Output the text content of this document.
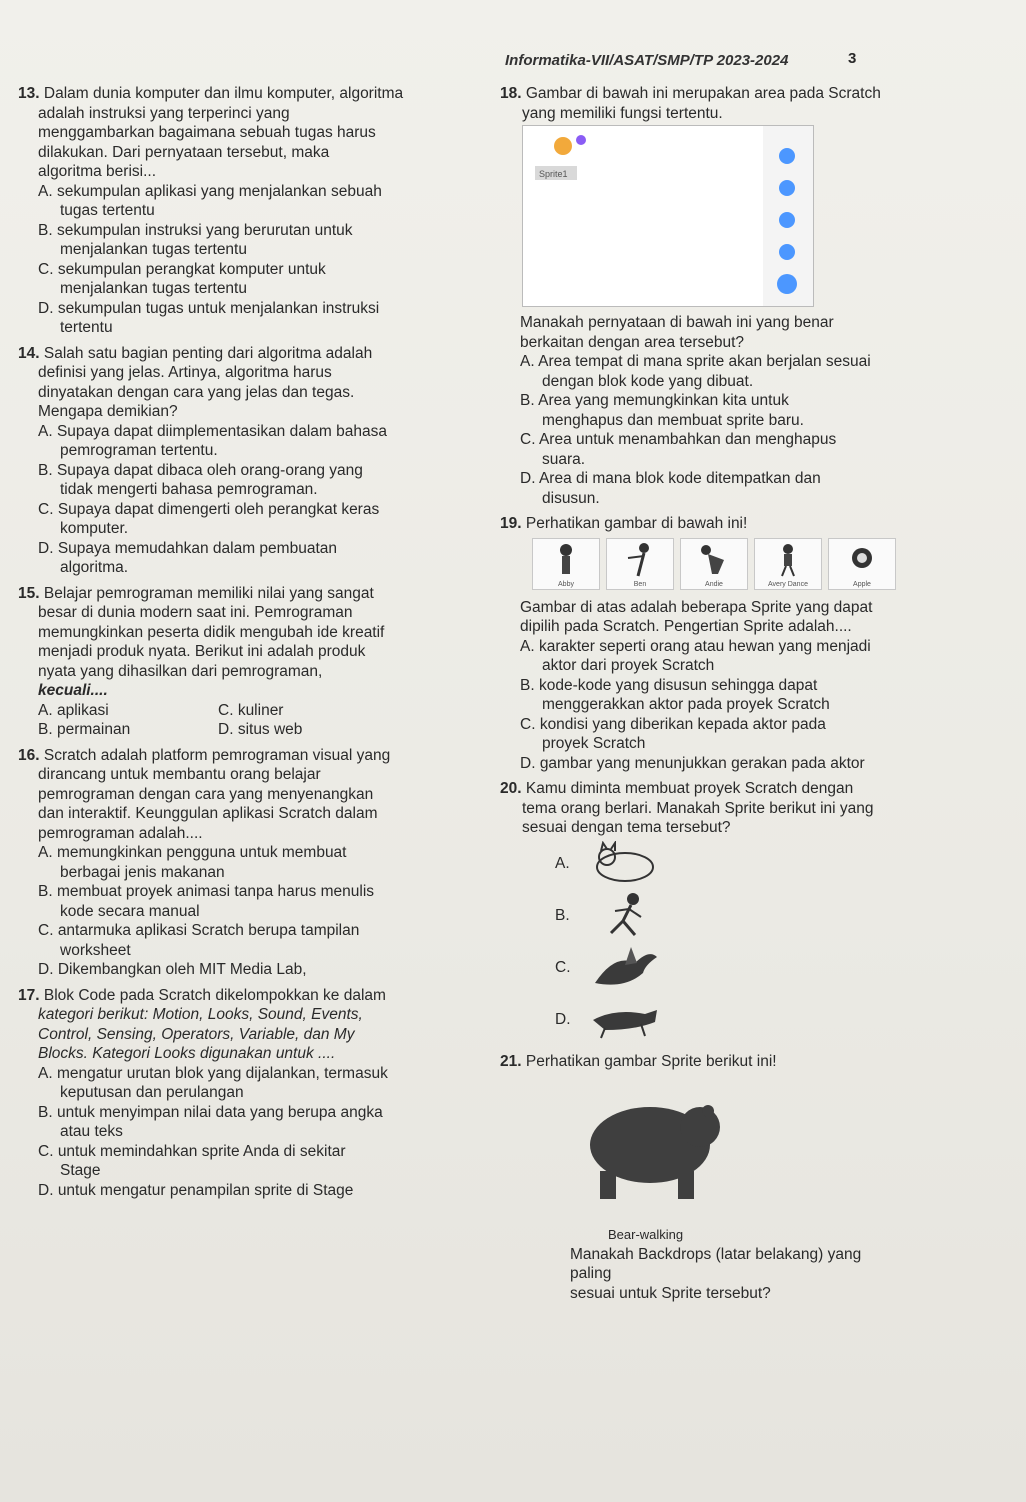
Informatika-VII/ASAT/SMP/TP 2023-2024	3

13. Dalam dunia komputer dan ilmu komputer, algoritma

adalah instruksi yang terperinci yang

menggambarkan bagaimana sebuah tugas harus

dilakukan. Dari pernyataan tersebut, maka

algoritma berisi...

A. sekumpulan aplikasi yang menjalankan sebuah

tugas tertentu

B. sekumpulan instruksi yang berurutan untuk

menjalankan tugas tertentu

C. sekumpulan perangkat komputer untuk

menjalankan tugas tertentu

D. sekumpulan tugas untuk menjalankan instruksi

tertentu

14. Salah satu bagian penting dari algoritma adalah

definisi yang jelas. Artinya, algoritma harus

dinyatakan dengan cara yang jelas dan tegas.

Mengapa demikian?

A. Supaya dapat diimplementasikan dalam bahasa

pemrograman tertentu.

B. Supaya dapat dibaca oleh orang-orang yang

tidak mengerti bahasa pemrograman.

C. Supaya dapat dimengerti oleh perangkat keras

komputer.

D. Supaya memudahkan dalam pembuatan

algoritma.

15. Belajar pemrograman memiliki nilai yang sangat

besar di dunia modern saat ini. Pemrograman

memungkinkan peserta didik mengubah ide kreatif

menjadi produk nyata. Berikut ini adalah produk

nyata yang dihasilkan dari pemrograman,

kecuali....

A. aplikasi	C. kuliner

B. permainan	D. situs web

16. Scratch adalah platform pemrograman visual yang

dirancang untuk membantu orang belajar

pemrograman dengan cara yang menyenangkan

dan interaktif. Keunggulan aplikasi Scratch dalam

pemrograman adalah....

A. memungkinkan pengguna untuk membuat

berbagai jenis makanan

B. membuat proyek animasi tanpa harus menulis

kode secara manual

C. antarmuka aplikasi Scratch berupa tampilan

worksheet

D. Dikembangkan oleh MIT Media Lab,

17. Blok Code pada Scratch dikelompokkan ke dalam

kategori berikut: Motion, Looks, Sound, Events,

Control, Sensing, Operators, Variable, dan My

Blocks. Kategori Looks digunakan untuk ....

A. mengatur urutan blok yang dijalankan, termasuk

keputusan dan perulangan

B. untuk menyimpan nilai data yang berupa angka

atau teks

C. untuk memindahkan sprite Anda di sekitar

Stage

D. untuk mengatur penampilan sprite di Stage

18. Gambar di bawah ini merupakan area pada Scratch

yang memiliki fungsi tertentu.

Sprite1

Manakah pernyataan di bawah ini yang benar

berkaitan dengan area tersebut?

A. Area tempat di mana sprite akan berjalan sesuai

dengan blok kode yang dibuat.

B. Area yang memungkinkan kita untuk

menghapus dan membuat sprite baru.

C. Area untuk menambahkan dan menghapus

suara.

D. Area di mana blok kode ditempatkan dan

disusun.

19. Perhatikan gambar di bawah ini!

Abby	Ben	Andie	Avery Dance	Apple

Gambar di atas adalah beberapa Sprite yang dapat

dipilih pada Scratch. Pengertian Sprite adalah....

A. karakter seperti orang atau hewan yang menjadi

aktor dari proyek Scratch

B. kode-kode yang disusun sehingga dapat

menggerakkan aktor pada proyek Scratch

C. kondisi yang diberikan kepada aktor pada

proyek Scratch

D. gambar yang menunjukkan gerakan pada aktor

20. Kamu diminta membuat proyek Scratch dengan

tema orang berlari. Manakah Sprite berikut ini yang

sesuai dengan tema tersebut?

A.
B.
C.
D.

21. Perhatikan gambar Sprite berikut ini!

Bear-walking

Manakah Backdrops (latar belakang) yang paling

sesuai untuk Sprite tersebut?
